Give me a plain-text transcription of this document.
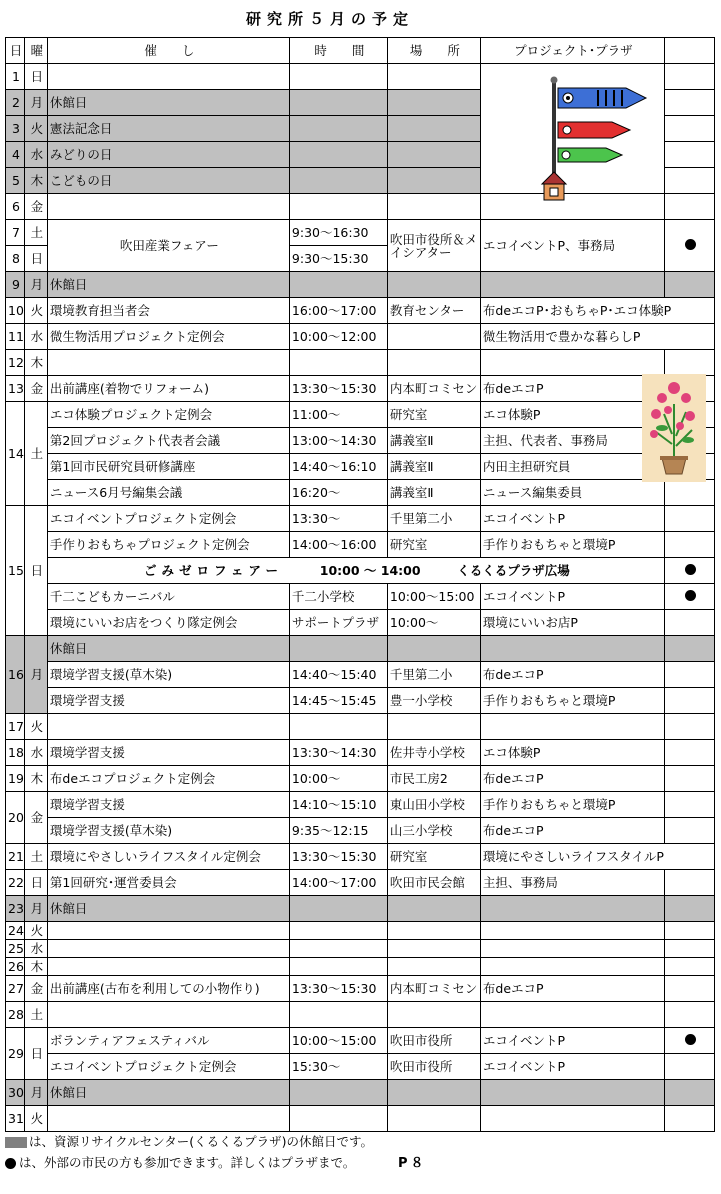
研究所５月の予定
日	曜	催　　し	時　　間	場　　所	プロジェクト･プラザ	
1	日					
2	月	休館日				
3	火	憲法記念日				
4	水	みどりの日				
5	木	こどもの日				
6	金					
7	土	吹田産業フェアー	9:30〜16:30	吹田市役所＆メイシアター	エコイベントP、事務局	
8	日		9:30〜15:30			
9	月	休館日				
10	火	環境教育担当者会	16:00〜17:00	教育センター	布deエコP･おもちゃP･エコ体験P	
11	水	微生物活用プロジェクト定例会	10:00〜12:00		微生物活用で豊かな暮らしP	
12	木					
13	金	出前講座(着物でリフォーム)	13:30〜15:30	内本町コミセン	布deエコP	
14	土	エコ体験プロジェクト定例会	11:00〜	研究室	エコ体験P	
		第2回プロジェクト代表者会議	13:00〜14:30	講義室Ⅱ	主担、代表者、事務局	
		第1回市民研究員研修講座	14:40〜16:10	講義室Ⅱ	内田主担研究員	
		ニュース6月号編集会議	16:20〜	講義室Ⅱ	ニュース編集委員	
15	日	エコイベントプロジェクト定例会	13:30〜	千里第二小	エコイベントP	
		手作りおもちゃプロジェクト定例会	14:00〜16:00	研究室	手作りおもちゃと環境P	
		ごみゼロフェアー 10:00 〜 14:00 くるくるプラザ広場				
		千二こどもカーニバル	千二小学校	10:00〜15:00	エコイベントP	
		環境にいいお店をつくり隊定例会	サポートプラザ	10:00〜	環境にいいお店P	
16	月	休館日				
		環境学習支援(草木染)	14:40〜15:40	千里第二小	布deエコP	
		環境学習支援	14:45〜15:45	豊一小学校	手作りおもちゃと環境P	
17	火					
18	水	環境学習支援	13:30〜14:30	佐井寺小学校	エコ体験P	
19	木	布deエコプロジェクト定例会	10:00〜	市民工房2	布deエコP	
20	金	環境学習支援	14:10〜15:10	東山田小学校	手作りおもちゃと環境P	
		環境学習支援(草木染)	9:35〜12:15	山三小学校	布deエコP	
21	土	環境にやさしいライフスタイル定例会	13:30〜15:30	研究室	環境にやさしいライフスタイルP	
22	日	第1回研究･運営委員会	14:00〜17:00	吹田市民会館	主担、事務局	
23	月	休館日				
24	火					
25	水					
26	木					
27	金	出前講座(古布を利用しての小物作り)	13:30〜15:30	内本町コミセン	布deエコP	
28	土					
29	日	ボランティアフェスティバル	10:00〜15:00	吹田市役所	エコイベントP	
		エコイベントプロジェクト定例会	15:30〜	吹田市役所	エコイベントP	
30	月	休館日				
31	火					
は、資源リサイクルセンター(くるくるプラザ)の休館日です。
は、外部の市民の方も参加できます。詳しくはプラザまで。	P８
